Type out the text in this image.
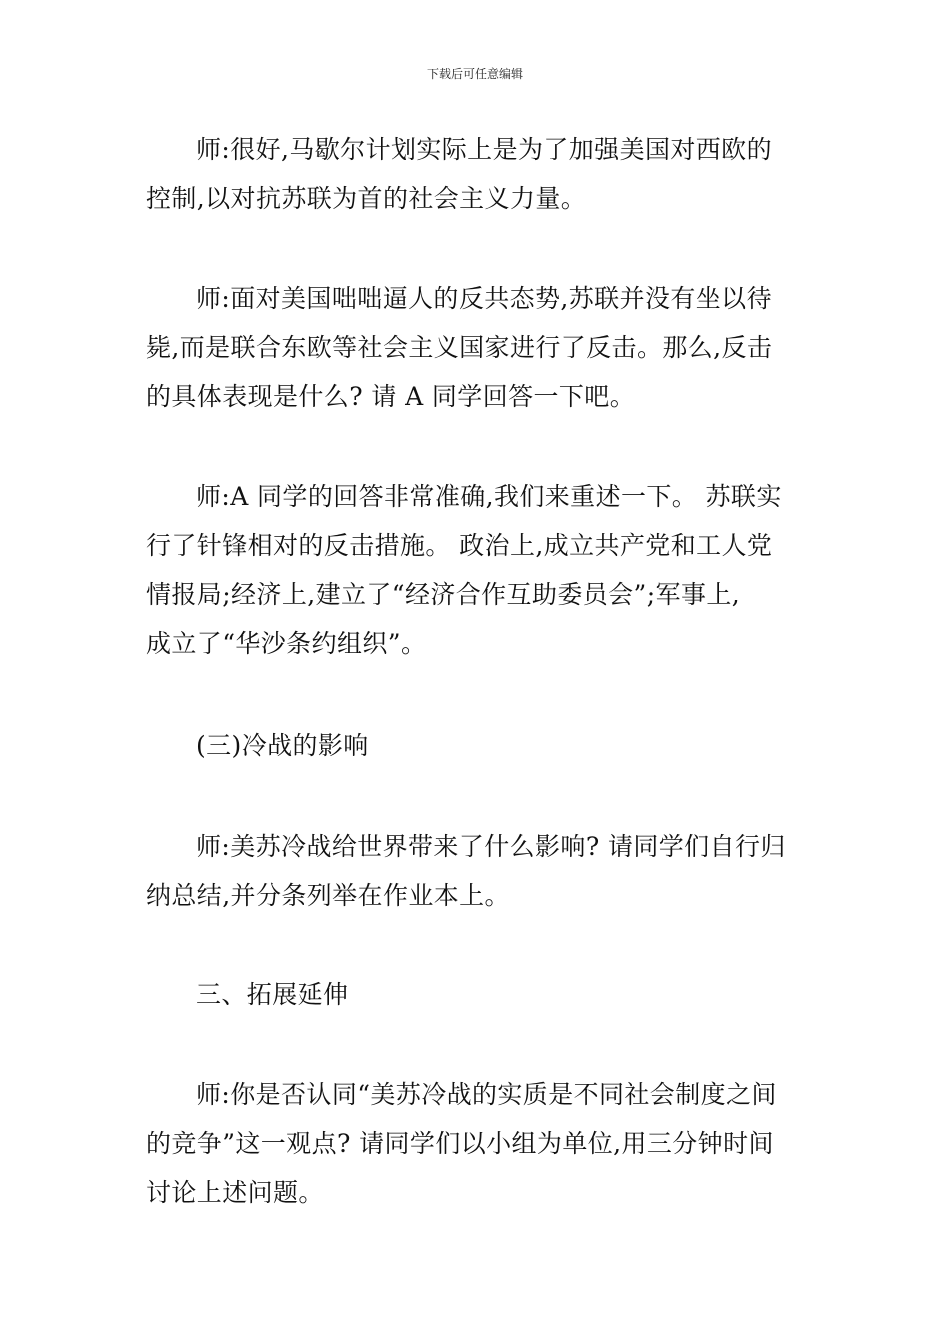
下载后可任意编辑
师:很好,马歇尔计划实际上是为了加强美国对西欧的
控制,以对抗苏联为首的社会主义力量。
师:面对美国咄咄逼人的反共态势,苏联并没有坐以待
毙,而是联合东欧等社会主义国家进行了反击。那么,反击
的具体表现是什么? 请 A 同学回答一下吧。
师:A 同学的回答非常准确,我们来重述一下。 苏联实
行了针锋相对的反击措施。 政治上,成立共产党和工人党
情报局;经济上,建立了“经济合作互助委员会”;军事上,
成立了“华沙条约组织”。
(三)冷战的影响
师:美苏冷战给世界带来了什么影响? 请同学们自行归
纳总结,并分条列举在作业本上。
三、拓展延伸
师:你是否认同“美苏冷战的实质是不同社会制度之间
的竞争”这一观点? 请同学们以小组为单位,用三分钟时间
讨论上述问题。
